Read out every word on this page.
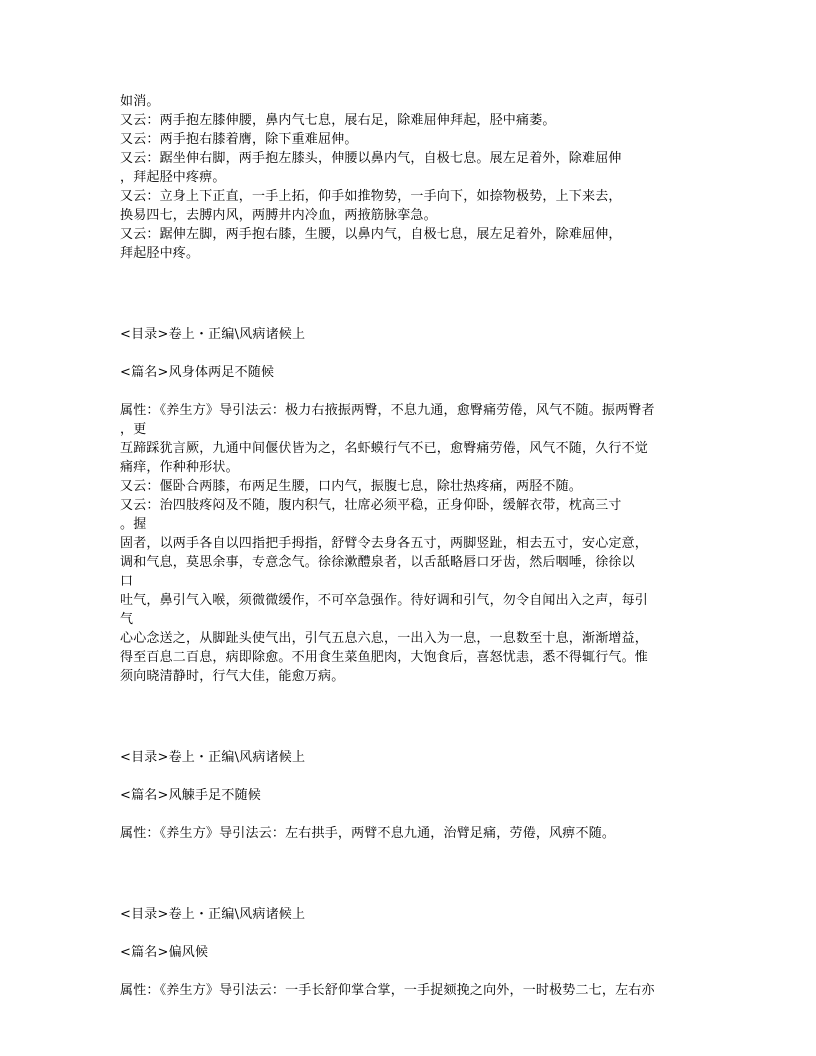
如消。
又云：两手抱左膝伸腰，鼻内气七息，展右足，除难屈伸拜起，胫中痛萎。
又云：两手抱右膝着膺，除下重难屈伸。
又云：踞坐伸右脚，两手抱左膝头，伸腰以鼻内气，自极七息。展左足着外，除难屈伸
，拜起胫中疼痹。
又云：立身上下正直，一手上拓，仰手如推物势，一手向下，如捺物极势，上下来去，
换易四七，去膊内风，两膊井内冷血，两掖筋脉挛急。
又云：踞伸左脚，两手抱右膝，生腰，以鼻内气，自极七息，展左足着外，除难屈伸，
拜起胫中疼。
<目录>卷上・正编\风病诸候上
<篇名>风身体两足不随候
属性：《养生方》导引法云：极力右掖振两臀，不息九通，愈臀痛劳倦，风气不随。振两臀者
，更
互蹄踩犹言厥，九通中间偃伏皆为之，名虾蟆行气不已，愈臀痛劳倦，风气不随，久行不觉
痛痒，作种种形状。
又云：偃卧合两膝，布两足生腰，口内气，振腹七息，除壮热疼痛，两胫不随。
又云：治四肢疼闷及不随，腹内积气，壮席必须平稳，正身仰卧，缓解衣带，枕高三寸
。握
固者，以两手各自以四指把手拇指，舒臂令去身各五寸，两脚竖趾，相去五寸，安心定意，
调和气息，莫思余事，专意念气。徐徐漱醴泉者，以舌舐略唇口牙齿，然后咽唾，徐徐以
口
吐气，鼻引气入喉，须微微缓作，不可卒急强作。待好调和引气，勿令自闻出入之声，每引
气
心心念送之，从脚趾头使气出，引气五息六息，一出入为一息，一息数至十息，渐渐增益，
得至百息二百息，病即除愈。不用食生菜鱼肥肉，大饱食后，喜怒忧恚，悉不得辄行气。惟
须向晓清静时，行气大佳，能愈万病。
<目录>卷上・正编\风病诸候上
<篇名>风觫手足不随候
属性：《养生方》导引法云：左右拱手，两臂不息九通，治臂足痛，劳倦，风痹不随。
<目录>卷上・正编\风病诸候上
<篇名>偏风候
属性：《养生方》导引法云：一手长舒仰掌合掌，一手捉颏挽之向外，一时极势二七，左右亦
